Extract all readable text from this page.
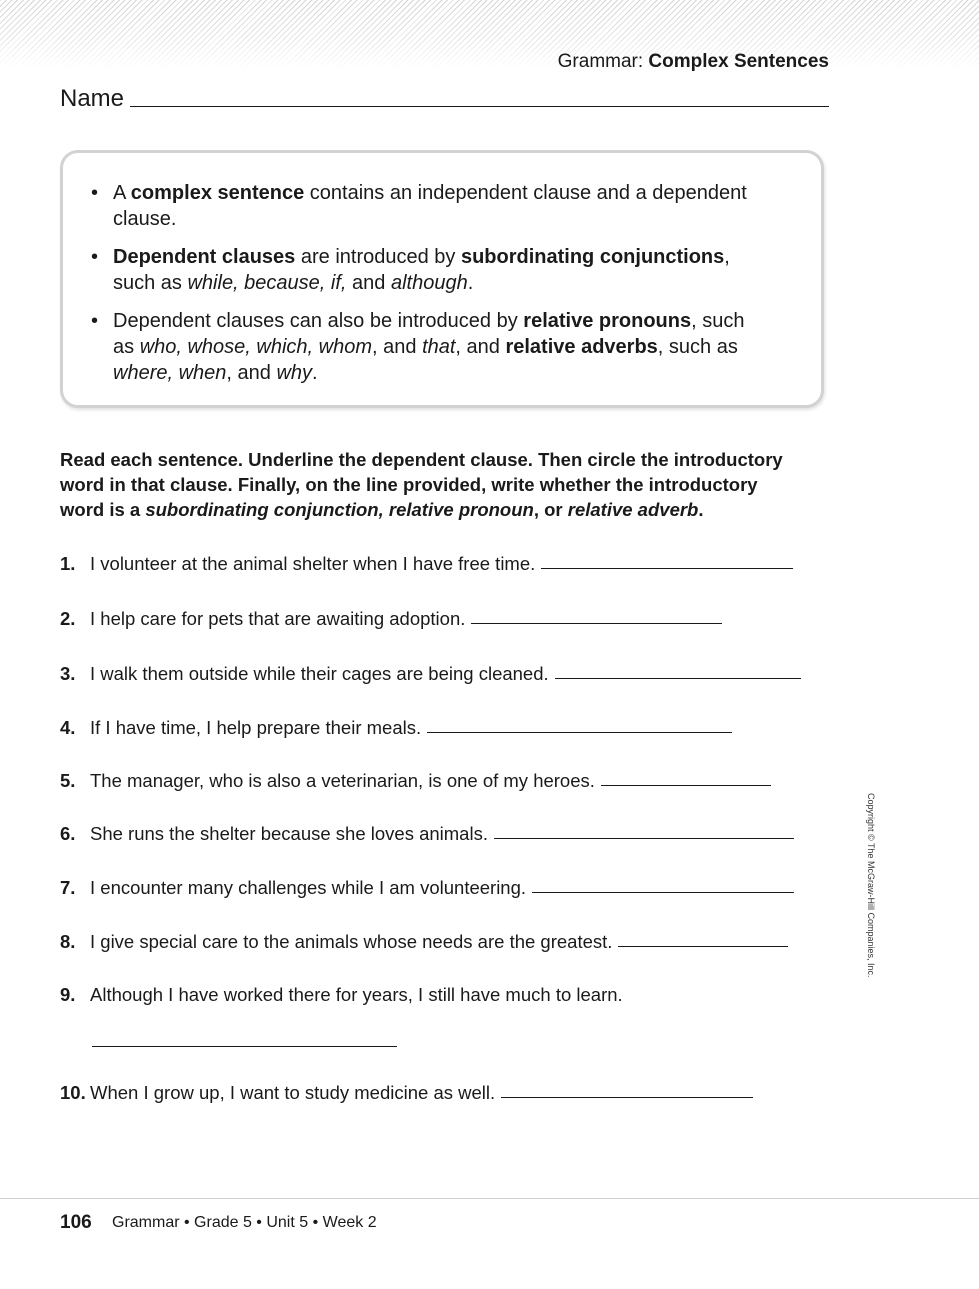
Grammar: Complex Sentences
Name
• A complex sentence contains an independent clause and a dependent
clause.
• Dependent clauses are introduced by subordinating conjunctions,
such as while, because, if, and although.
• Dependent clauses can also be introduced by relative pronouns, such
as who, whose, which, whom, and that, and relative adverbs, such as
where, when, and why.
Read each sentence. Underline the dependent clause. Then circle the introductory
word in that clause. Finally, on the line provided, write whether the introductory
word is a subordinating conjunction, relative pronoun, or relative adverb.
1. I volunteer at the animal shelter when I have free time.
2. I help care for pets that are awaiting adoption.
3. I walk them outside while their cages are being cleaned.
4. If I have time, I help prepare their meals.
5. The manager, who is also a veterinarian, is one of my heroes.
6. She runs the shelter because she loves animals.
7. I encounter many challenges while I am volunteering.
8. I give special care to the animals whose needs are the greatest.
9. Although I have worked there for years, I still have much to learn.
10. When I grow up, I want to study medicine as well.
Copyright © The McGraw-Hill Companies, Inc.
106 Grammar • Grade 5 • Unit 5 • Week 2
